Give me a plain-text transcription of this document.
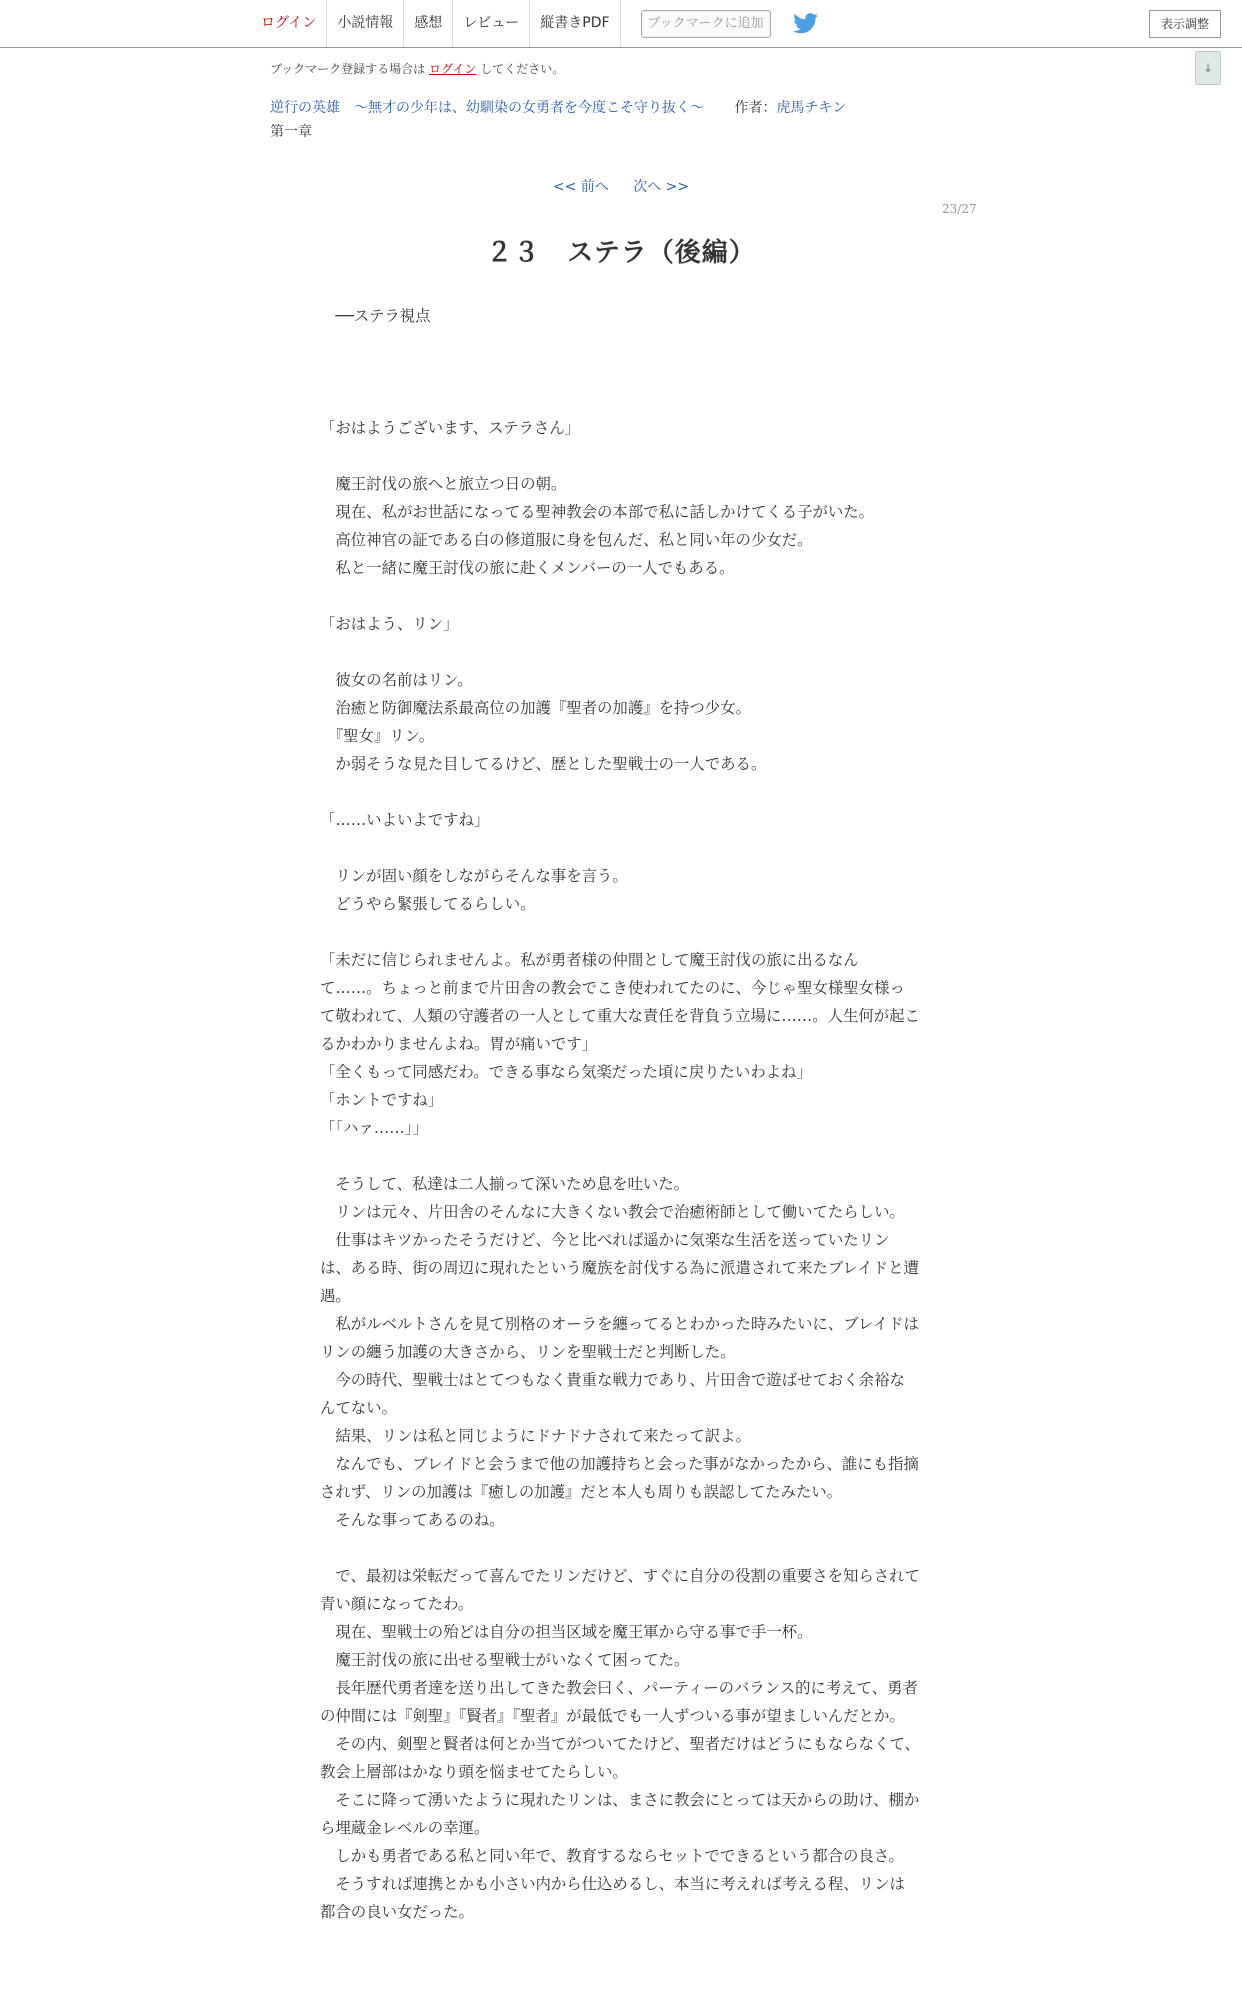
ログイン	小説情報	感想	レビュー	縦書きPDF	ブックマークに追加	表示調整
↓
ブックマーク登録する場合は ログイン してください。
逆行の英雄　～無才の少年は、幼馴染の女勇者を今度こそ守り抜く～ 作者：虎馬チキン
第一章
<< 前へ 次へ >>
23/27
２３　ステラ（後編）

　──ステラ視点

「おはようございます、ステラさん」

　魔王討伐の旅へと旅立つ日の朝。

　現在、私がお世話になってる聖神教会の本部で私に話しかけてくる子がいた。

　高位神官の証である白の修道服に身を包んだ、私と同い年の少女だ。

　私と一緒に魔王討伐の旅に赴くメンバーの一人でもある。

「おはよう、リン」

　彼女の名前はリン。

　治癒と防御魔法系最高位の加護『聖者の加護』を持つ少女。

　『聖女』リン。

　か弱そうな見た目してるけど、歴とした聖戦士の一人である。

「……いよいよですね」

　リンが固い顔をしながらそんな事を言う。

　どうやら緊張してるらしい。

「未だに信じられませんよ。私が勇者様の仲間として魔王討伐の旅に出るなんて……。ちょっと前まで片田舎の教会でこき使われてたのに、今じゃ聖女様聖女様って敬われて、人類の守護者の一人として重大な責任を背負う立場に……。人生何が起こるかわかりませんよね。胃が痛いです」

「全くもって同感だわ。できる事なら気楽だった頃に戻りたいわよね」

「ホントですね」

「「ハァ……」」

　そうして、私達は二人揃って深いため息を吐いた。

　リンは元々、片田舎のそんなに大きくない教会で治癒術師として働いてたらしい。

　仕事はキツかったそうだけど、今と比べれば遥かに気楽な生活を送っていたリンは、ある時、街の周辺に現れたという魔族を討伐する為に派遣されて来たブレイドと遭遇。

　私がルベルトさんを見て別格のオーラを纏ってるとわかった時みたいに、ブレイドはリンの纏う加護の大きさから、リンを聖戦士だと判断した。

　今の時代、聖戦士はとてつもなく貴重な戦力であり、片田舎で遊ばせておく余裕なんてない。

　結果、リンは私と同じようにドナドナされて来たって訳よ。

　なんでも、ブレイドと会うまで他の加護持ちと会った事がなかったから、誰にも指摘されず、リンの加護は『癒しの加護』だと本人も周りも誤認してたみたい。

　そんな事ってあるのね。

　で、最初は栄転だって喜んでたリンだけど、すぐに自分の役割の重要さを知らされて青い顔になってたわ。

　現在、聖戦士の殆どは自分の担当区域を魔王軍から守る事で手一杯。

　魔王討伐の旅に出せる聖戦士がいなくて困ってた。

　長年歴代勇者達を送り出してきた教会曰く、パーティーのバランス的に考えて、勇者の仲間には『剣聖』『賢者』『聖者』が最低でも一人ずついる事が望ましいんだとか。

　その内、剣聖と賢者は何とか当てがついてたけど、聖者だけはどうにもならなくて、教会上層部はかなり頭を悩ませてたらしい。

　そこに降って湧いたように現れたリンは、まさに教会にとっては天からの助け、棚から埋蔵金レベルの幸運。

　しかも勇者である私と同い年で、教育するならセットでできるという都合の良さ。

　そうすれば連携とかも小さい内から仕込めるし、本当に考えれば考える程、リンは都合の良い女だった。
